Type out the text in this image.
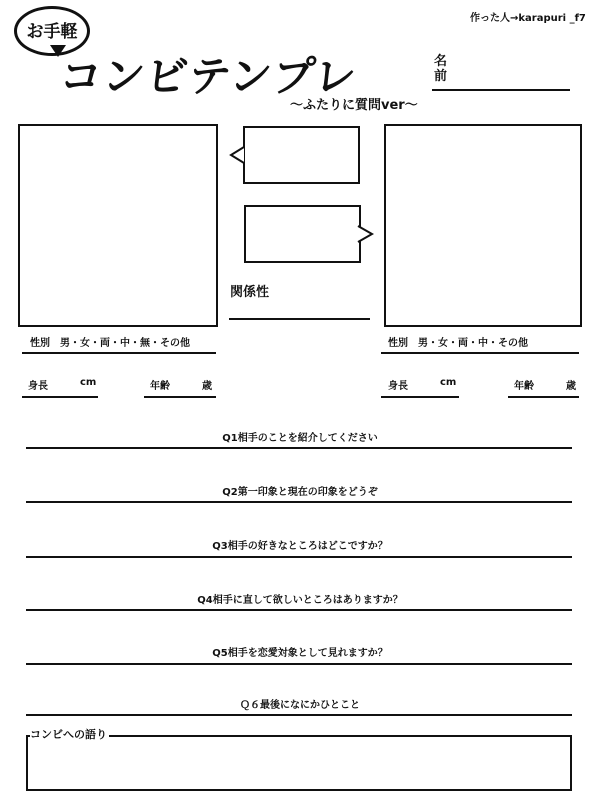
作った人→karapuri _f7
お手軽
コンビテンプレ
〜ふたりに質問ver〜
名前
関係性
性別　男・女・両・中・無・その他
身長	cm	年齢	歳
性別　男・女・両・中・その他
身長	cm	年齢	歳
Q1相手のことを紹介してください
Q2第一印象と現在の印象をどうぞ
Q3相手の好きなところはどこですか？
Q4相手に直して欲しいところはありますか？
Q5相手を恋愛対象として見れますか？
Ｑ６最後になにかひとこと
コンビへの語り
